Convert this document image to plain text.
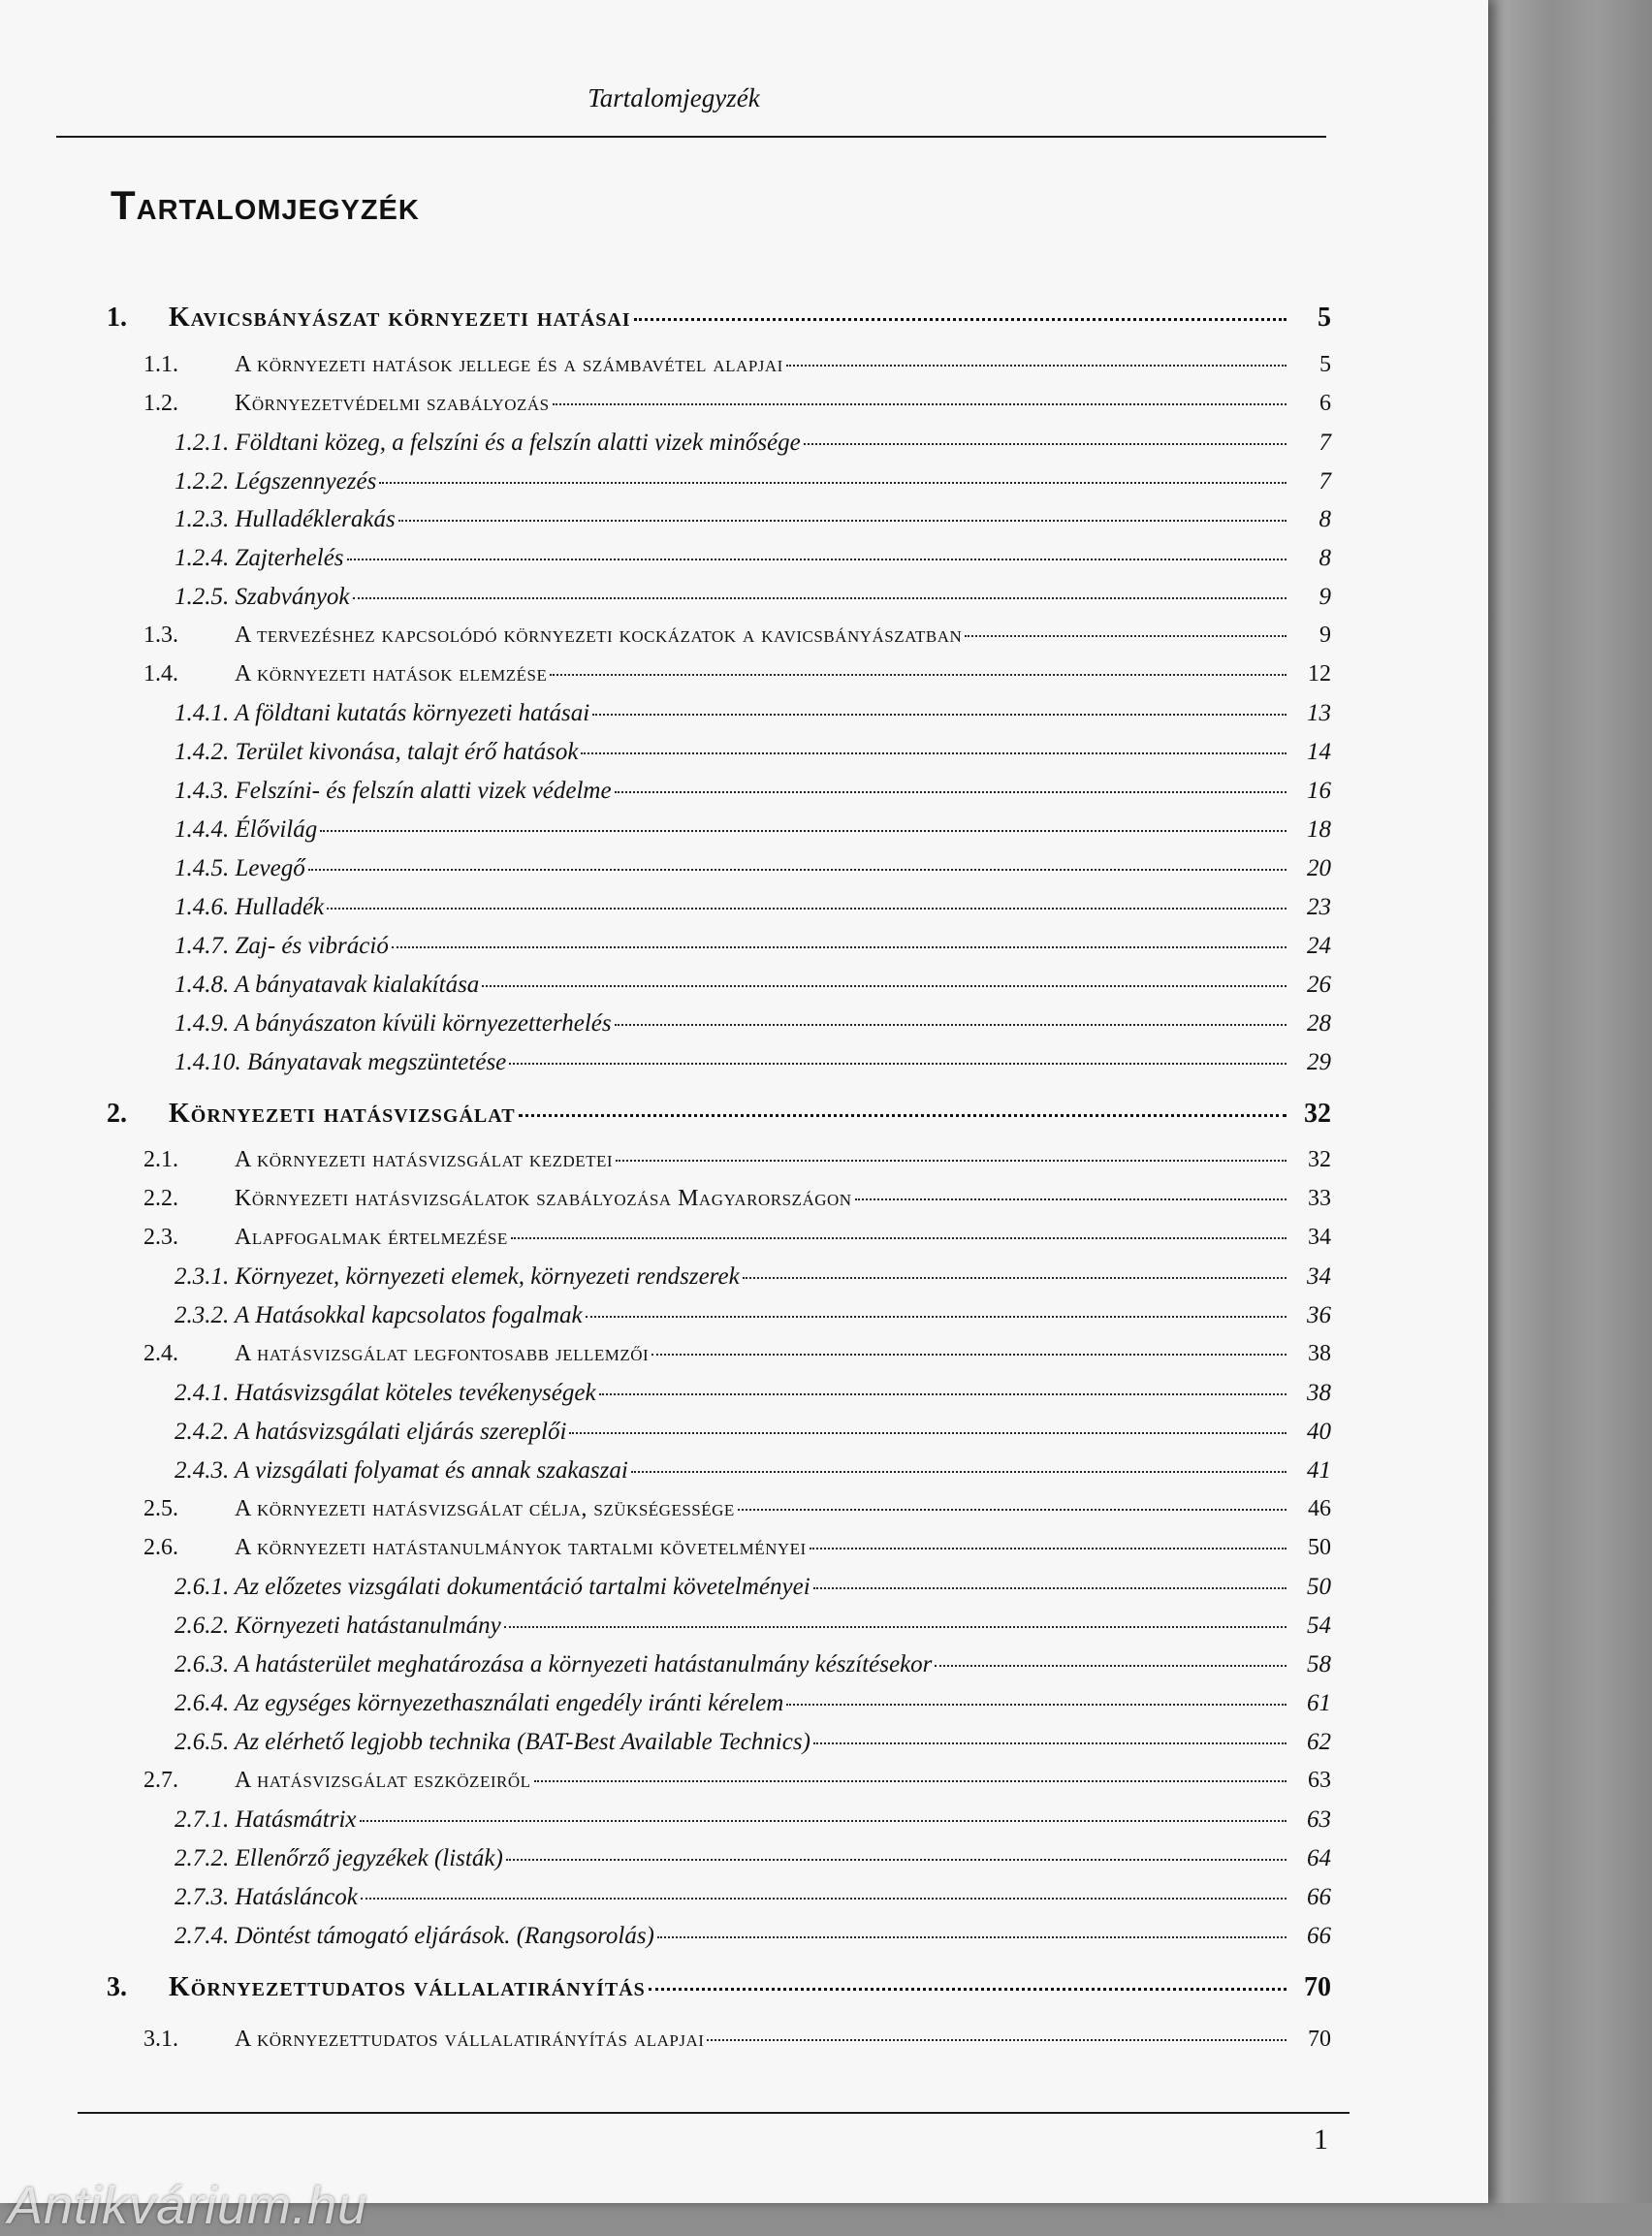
Tartalomjegyzék
Tartalomjegyzék
1.	Kavicsbányászat környezeti hatásai	5
1.1.	A környezeti hatások jellege és a számbavétel alapjai	5
1.2.	Környezetvédelmi szabályozás	6
1.2.1. Földtani közeg, a felszíni és a felszín alatti vizek minősége	7
1.2.2. Légszennyezés	7
1.2.3. Hulladéklerakás	8
1.2.4. Zajterhelés	8
1.2.5. Szabványok	9
1.3.	A tervezéshez kapcsolódó környezeti kockázatok a kavicsbányászatban	9
1.4.	A környezeti hatások elemzése	12
1.4.1. A földtani kutatás környezeti hatásai	13
1.4.2. Terület kivonása, talajt érő hatások	14
1.4.3. Felszíni- és felszín alatti vizek védelme	16
1.4.4. Élővilág	18
1.4.5. Levegő	20
1.4.6. Hulladék	23
1.4.7. Zaj- és vibráció	24
1.4.8. A bányatavak kialakítása	26
1.4.9. A bányászaton kívüli környezetterhelés	28
1.4.10. Bányatavak megszüntetése	29
2.	Környezeti hatásvizsgálat	32
2.1.	A környezeti hatásvizsgálat kezdetei	32
2.2.	Környezeti hatásvizsgálatok szabályozása Magyarországon	33
2.3.	Alapfogalmak értelmezése	34
2.3.1. Környezet, környezeti elemek, környezeti rendszerek	34
2.3.2. A Hatásokkal kapcsolatos fogalmak	36
2.4.	A hatásvizsgálat legfontosabb jellemzői	38
2.4.1. Hatásvizsgálat köteles tevékenységek	38
2.4.2. A hatásvizsgálati eljárás szereplői	40
2.4.3. A vizsgálati folyamat és annak szakaszai	41
2.5.	A környezeti hatásvizsgálat célja, szükségessége	46
2.6.	A környezeti hatástanulmányok tartalmi követelményei	50
2.6.1. Az előzetes vizsgálati dokumentáció tartalmi követelményei	50
2.6.2. Környezeti hatástanulmány	54
2.6.3. A hatásterület meghatározása a környezeti hatástanulmány készítésekor	58
2.6.4. Az egységes környezethasználati engedély iránti kérelem	61
2.6.5. Az elérhető legjobb technika (BAT-Best Available Technics)	62
2.7.	A hatásvizsgálat eszközeiről	63
2.7.1. Hatásmátrix	63
2.7.2. Ellenőrző jegyzékek (listák)	64
2.7.3. Hatásláncok	66
2.7.4. Döntést támogató eljárások. (Rangsorolás)	66
3.	Környezettudatos vállalatirányítás	70
3.1.	A környezettudatos vállalatirányítás alapjai	70
1
Antikvárium.hu
